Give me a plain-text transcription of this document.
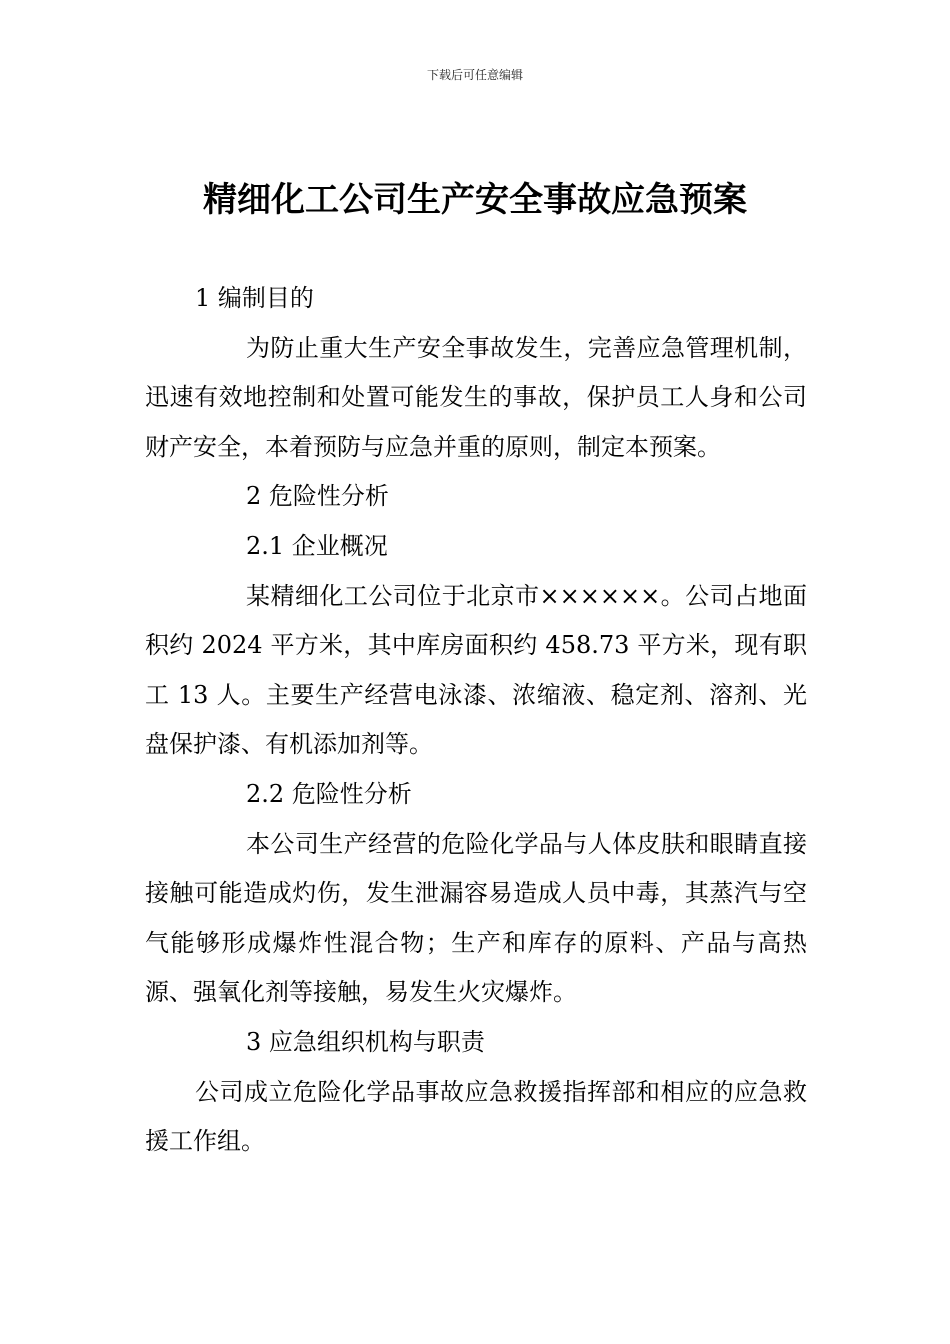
下载后可任意编辑
精细化工公司生产安全事故应急预案

1 编制目的

为防止重大生产安全事故发生，完善应急管理机制，迅速有效地控制和处置可能发生的事故，保护员工人身和公司财产安全，本着预防与应急并重的原则，制定本预案。

2 危险性分析

2.1 企业概况

某精细化工公司位于北京市××××××。公司占地面积约 2024 平方米，其中库房面积约 458.73 平方米，现有职工 13 人。主要生产经营电泳漆、浓缩液、稳定剂、溶剂、光盘保护漆、有机添加剂等。

2.2 危险性分析

本公司生产经营的危险化学品与人体皮肤和眼睛直接接触可能造成灼伤，发生泄漏容易造成人员中毒，其蒸汽与空气能够形成爆炸性混合物；生产和库存的原料、产品与高热源、强氧化剂等接触，易发生火灾爆炸。

3 应急组织机构与职责

公司成立危险化学品事故应急救援指挥部和相应的应急救援工作组。
